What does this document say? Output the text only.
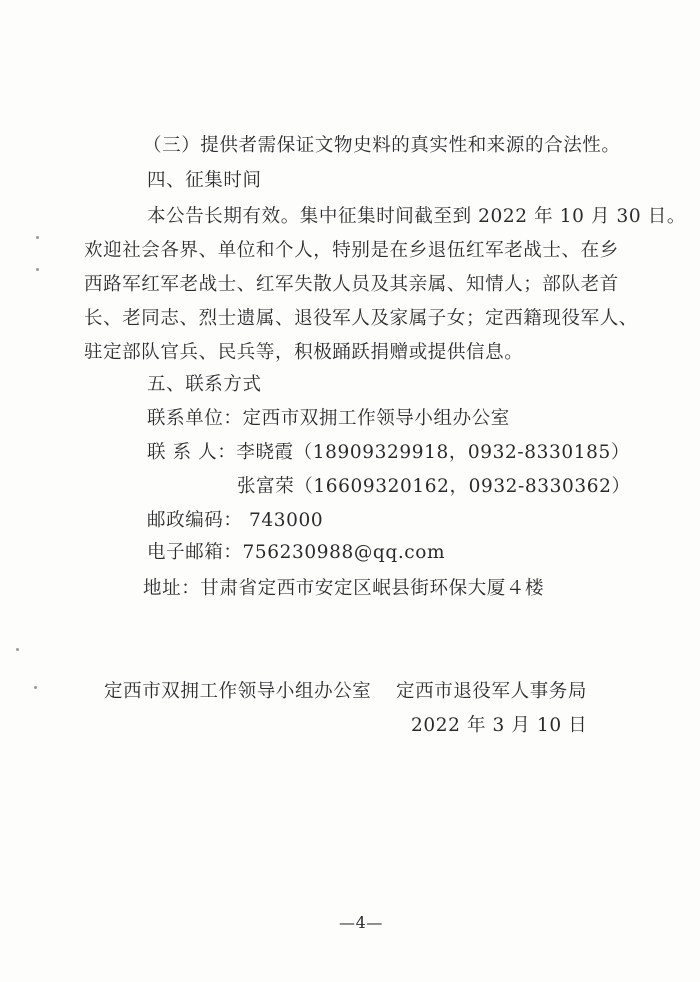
（三）提供者需保证文物史料的真实性和来源的合法性。
四、征集时间
本公告长期有效。集中征集时间截至到 2022 年 10 月 30 日。
欢迎社会各界、单位和个人，特别是在乡退伍红军老战士、在乡
西路军红军老战士、红军失散人员及其亲属、知情人；部队老首
长、老同志、烈士遗属、退役军人及家属子女；定西籍现役军人、
驻定部队官兵、民兵等，积极踊跃捐赠或提供信息。
五、联系方式
联系单位：定西市双拥工作领导小组办公室
联 系 人：李晓霞（18909329918，0932-8330185）
张富荣（16609320162，0932-8330362）
邮政编码： 743000
电子邮箱：756230988@qq.com
地址：甘肃省定西市安定区岷县街环保大厦４楼
定西市双拥工作领导小组办公室 定西市退役军人事务局
2022 年 3 月 10 日
—4—
